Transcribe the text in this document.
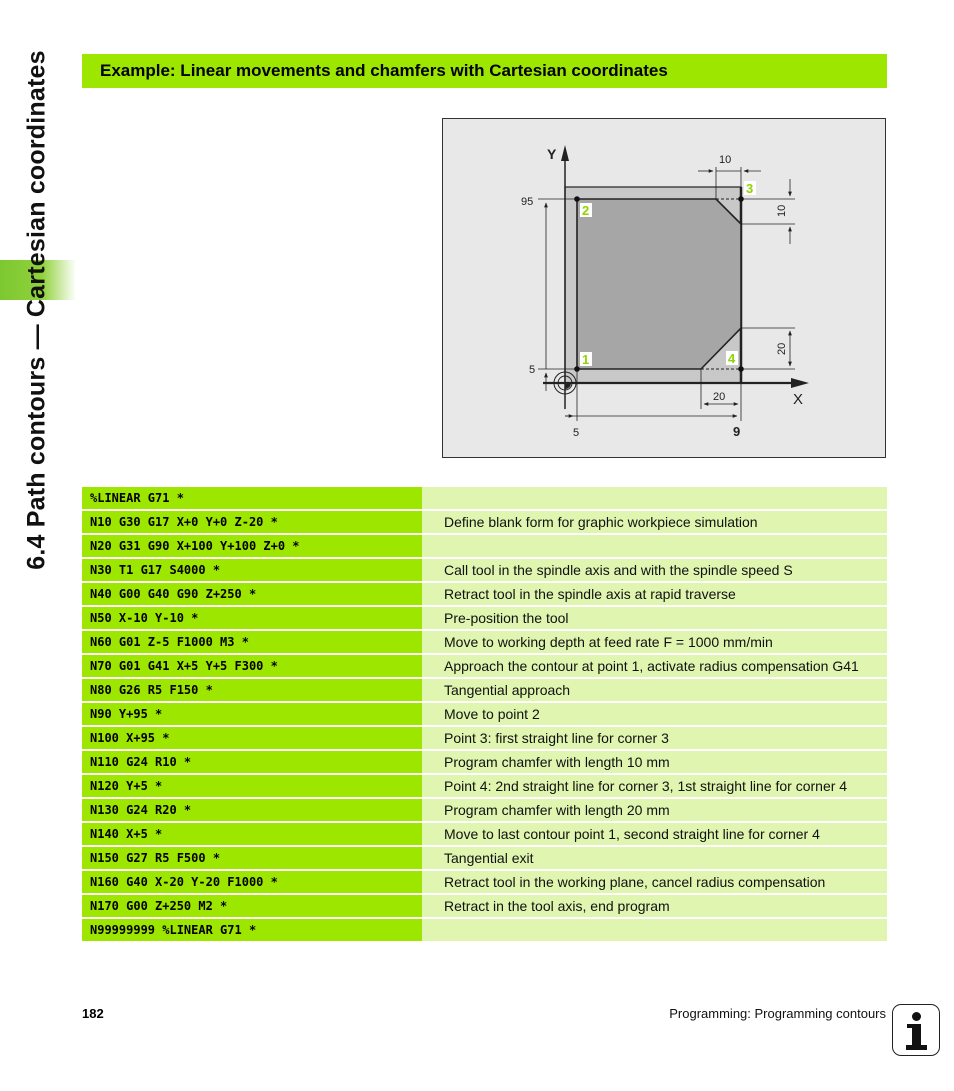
6.4 Path contours — Cartesian coordinates	Example: Linear movements and chamfers with Cartesian coordinates
Y
X
95
5
5	9
10
10
20
20
1
2
3
4
%LINEAR G71 *
N10 G30 G17 X+0 Y+0 Z-20 *	Define blank form for graphic workpiece simulation
N20 G31 G90 X+100 Y+100 Z+0 *
N30 T1 G17 S4000 *	Call tool in the spindle axis and with the spindle speed S
N40 G00 G40 G90 Z+250 *	Retract tool in the spindle axis at rapid traverse
N50 X-10 Y-10 *	Pre-position the tool
N60 G01 Z-5 F1000 M3 *	Move to working depth at feed rate F = 1000 mm/min
N70 G01 G41 X+5 Y+5 F300 *	Approach the contour at point 1, activate radius compensation G41
N80 G26 R5 F150 *	Tangential approach
N90 Y+95 *	Move to point 2
N100 X+95 *	Point 3: first straight line for corner 3
N110 G24 R10 *	Program chamfer with length 10 mm
N120 Y+5 *	Point 4: 2nd straight line for corner 3, 1st straight line for corner 4
N130 G24 R20 *	Program chamfer with length 20 mm
N140 X+5 *	Move to last contour point 1, second straight line for corner 4
N150 G27 R5 F500 *	Tangential exit
N160 G40 X-20 Y-20 F1000 *	Retract tool in the working plane, cancel radius compensation
N170 G00 Z+250 M2 *	Retract in the tool axis, end program
N99999999 %LINEAR G71 *
182	Programming: Programming contours
